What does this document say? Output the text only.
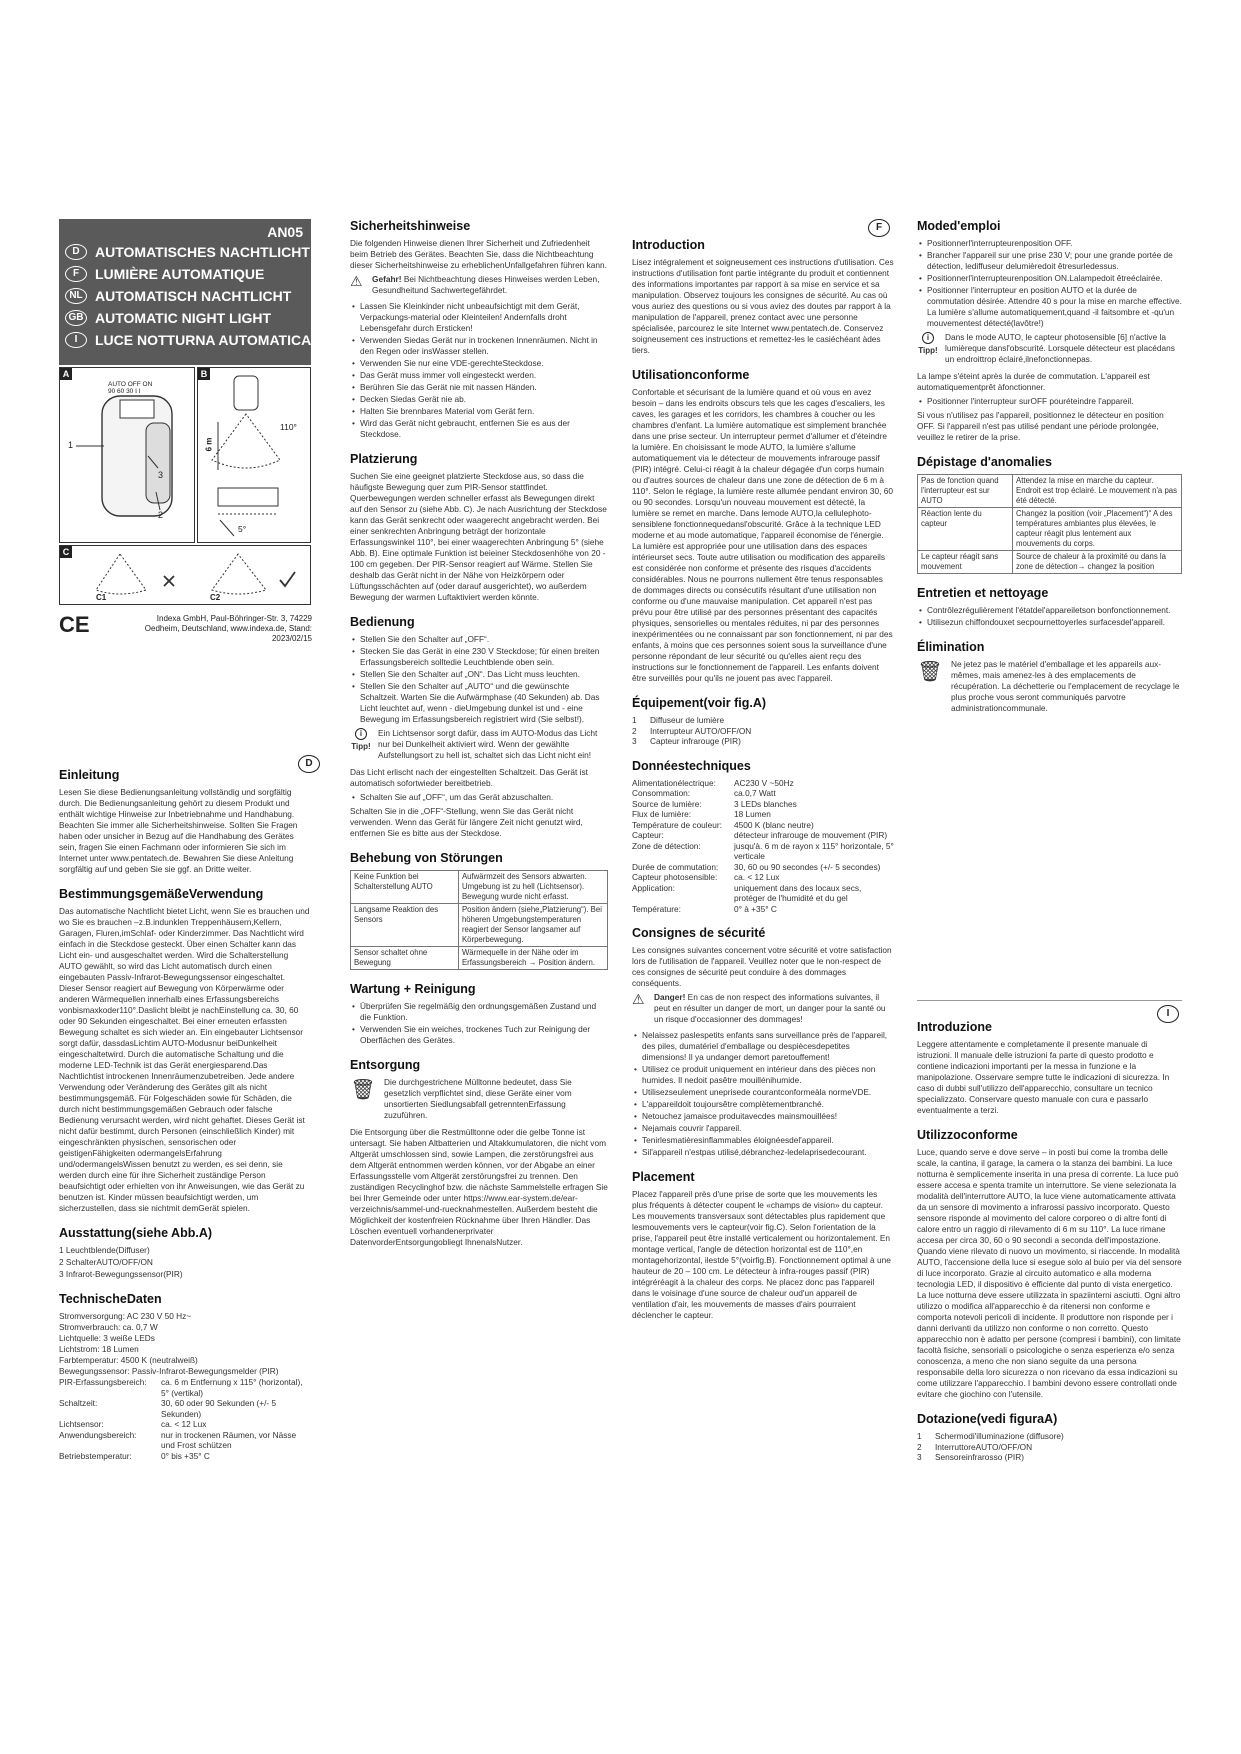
AN05
D	AUTOMATISCHES NACHTLICHT
F	LUMIÈRE AUTOMATIQUE
NL AUTOMATISCH NACHTLICHT
GB AUTOMATIC NIGHT LIGHT
I	LUCE NOTTURNA AUTOMATICA
A
AUTO OFF ON
90 60 30 I I
1
3
2
B
6 m
110°
5°
C
C1	C2
CE	Indexa GmbH, Paul-Böhringer-Str. 3, 74229 Oedheim, Deutschland, www.indexa.de, Stand: 2023/02/15
D
Einleitung

Lesen Sie diese Bedienungsanleitung vollständig und sorgfältig durch. Die Bedienungsanleitung gehört zu diesem Produkt und enthält wichtige Hinweise zur Inbetriebnahme und Handhabung. Beachten Sie immer alle Sicherheitshinweise. Sollten Sie Fragen haben oder unsicher in Bezug auf die Handhabung des Gerätes sein, fragen Sie einen Fachmann oder informieren Sie sich im Internet unter www.pentatech.de. Bewahren Sie diese Anleitung sorgfältig auf und geben Sie sie ggf. an Dritte weiter.

BestimmungsgemäßeVerwendung

Das automatische Nachtlicht bietet Licht, wenn Sie es brauchen und wo Sie es brauchen –z.B.indunklen Treppenhäusern,Kellern, Garagen, Fluren,imSchlaf- oder Kinderzimmer. Das Nachtlicht wird einfach in die Steckdose gesteckt. Über einen Schalter kann das Licht ein- und ausgeschaltet werden. Wird die Schalterstellung AUTO gewählt, so wird das Licht automatisch durch einen eingebauten Passiv-Infrarot-Bewegungssensor eingeschaltet. Dieser Sensor reagiert auf Bewegung von Körperwärme oder anderen Wärmequellen innerhalb eines Erfassungsbereichs vonbismaxkoder110°.Daslicht bleibt je nachEinstellung ca. 30, 60 oder 90 Sekunden eingeschaltet. Bei einer erneuten erfassten Bewegung schaltet es sich wieder an. Ein eingebauter Lichtsensor sorgt dafür, dassdasLichtim AUTO-Modusnur beiDunkelheit eingeschaltetwird. Durch die automatische Schaltung und die moderne LED-Technik ist das Gerät energiesparend.Das Nachtlichtist introckenen Innenräumenzubetreiben. Jede andere Verwendung oder Veränderung des Gerätes gilt als nicht bestimmungsgemäß. Für Folgeschäden sowie für Schäden, die durch nicht bestimmungsgemäßen Gebrauch oder falsche Bedienung verursacht werden, wird nicht gehaftet. Dieses Gerät ist nicht dafür bestimmt, durch Personen (einschließlich Kinder) mit eingeschränkten physischen, sensorischen oder geistigenFähigkeiten odermangelsErfahrung und/odermangelsWissen benutzt zu werden, es sei denn, sie werden durch eine für ihre Sicherheit zuständige Person beaufsichtigt oder erhielten von ihr Anweisungen, wie das Gerät zu benutzen ist. Kinder müssen beaufsichtigt werden, um sicherzustellen, dass sie nichtmit demGerät spielen.

Ausstattung(siehe Abb.A)
1 Leuchtblende(Diffuser)
2 SchalterAUTO/OFF/ON
3 Infrarot-Bewegungssensor(PIR)
TechnischeDaten
Stromversorgung: AC 230 V 50 Hz~
Stromverbrauch: ca. 0,7 W
Lichtquelle: 3 weiße LEDs
Lichtstrom: 18 Lumen
Farbtemperatur: 4500 K (neutralweiß)
Bewegungssensor: Passiv-Infrarot-Bewegungsmelder (PIR)
PIR-Erfassungsbereich:	ca. 6 m Entfernung x 115° (horizontal), 5° (vertikal)
Schaltzeit:	30, 60 oder 90 Sekunden (+/- 5 Sekunden)
Lichtsensor:	ca. < 12 Lux
Anwendungsbereich:	nur in trockenen Räumen, vor Nässe und Frost schützen
Betriebstemperatur:	0° bis +35° C
Sicherheitshinweise

Die folgenden Hinweise dienen Ihrer Sicherheit und Zufriedenheit beim Betrieb des Gerätes. Beachten Sie, dass die Nichtbeachtung dieser Sicherheitshinweise zu erheblichenUnfallgefahren führen kann.

⚠	Gefahr! Bei Nichtbeachtung dieses Hinweises werden Leben, Gesundheitund Sachwertegefährdet.
• Lassen Sie Kleinkinder nicht unbeaufsichtigt mit dem Gerät, Verpackungs-material oder Kleinteilen! Andernfalls droht Lebensgefahr durch Ersticken!
• Verwenden Siedas Gerät nur in trockenen Innenräumen. Nicht in den Regen oder insWasser stellen.
• Verwenden Sie nur eine VDE-gerechteSteckdose.
• Das Gerät muss immer voll eingesteckt werden.
• Berühren Sie das Gerät nie mit nassen Händen.
• Decken Siedas Gerät nie ab.
• Halten Sie brennbares Material vom Gerät fern.
• Wird das Gerät nicht gebraucht, entfernen Sie es aus der Steckdose.
Platzierung

Suchen Sie eine geeignet platzierte Steckdose aus, so dass die häufigste Bewegung quer zum PIR-Sensor stattfindet. Querbewegungen werden schneller erfasst als Bewegungen direkt auf den Sensor zu (siehe Abb. C). Je nach Ausrichtung der Steckdose kann das Gerät senkrecht oder waagerecht angebracht werden. Bei einer senkrechten Anbringung beträgt der horizontale Erfassungswinkel 110°, bei einer waagerechten Anbringung 5° (siehe Abb. B). Eine optimale Funktion ist beieiner Steckdosenhöhe von 20 - 100 cm gegeben. Der PIR-Sensor reagiert auf Wärme. Stellen Sie deshalb das Gerät nicht in der Nähe von Heizkörpern oder Lüftungsschächten auf (oder darauf ausgerichtet), wo außerdem Bewegung der warmen Luftaktiviert werden könnte.

Bedienung
• Stellen Sie den Schalter auf „OFF“.
• Stecken Sie das Gerät in eine 230 V Steckdose; für einen breiten Erfassungsbereich solltedie Leuchtblende oben sein.
• Stellen Sie den Schalter auf „ON“. Das Licht muss leuchten.
• Stellen Sie den Schalter auf „AUTO“ und die gewünschte Schaltzeit. Warten Sie die Aufwärmphase (40 Sekunden) ab. Das Licht leuchtet auf, wenn - dieUmgebung dunkel ist und - eine Bewegung im Erfassungsbereich registriert wird (Sie selbst!).
i
Tipp!
Ein Lichtsensor sorgt dafür, dass im AUTO-Modus das Licht nur bei Dunkelheit aktiviert wird. Wenn der gewählte Aufstellungsort zu hell ist, schaltet sich das Licht nicht ein!

Das Licht erlischt nach der eingestellten Schaltzeit. Das Gerät ist automatisch sofortwieder bereitbetrieb.

• Schalten Sie auf „OFF“, um das Gerät abzuschalten.

Schalten Sie in die „OFF“-Stellung, wenn Sie das Gerät nicht verwenden. Wenn das Gerät für längere Zeit nicht genutzt wird, entfernen Sie es bitte aus der Steckdose.

Behebung von Störungen
Keine Funktion bei Schalterstellung AUTO	Aufwärmzeit des Sensors abwarten. Umgebung ist zu hell (Lichtsensor). Bewegung wurde nicht erfasst.
Langsame Reaktion des Sensors	Position ändern (siehe„Platzierung“). Bei höheren Umgebungstemperaturen reagiert der Sensor langsamer auf Körperbewegung.
Sensor schaltet ohne Bewegung	Wärmequelle in der Nähe oder im Erfassungsbereich → Position ändern.
Wartung + Reinigung
• Überprüfen Sie regelmäßig den ordnungsgemäßen Zustand und die Funktion.
• Verwenden Sie ein weiches, trockenes Tuch zur Reinigung der Oberflächen des Gerätes.
Entsorgung
🗑 Die durchgestrichene Mülltonne bedeutet, dass Sie gesetzlich verpflichtet sind, diese Geräte einer vom unsortierten Siedlungsabfall getrenntenErfassung zuzuführen.

Die Entsorgung über die Restmülltonne oder die gelbe Tonne ist untersagt. Sie haben Altbatterien und Altakkumulatoren, die nicht vom Altgerät umschlossen sind, sowie Lampen, die zerstörungsfrei aus dem Altgerät entnommen werden können, vor der Abgabe an einer Erfassungsstelle vom Altgerät zerstörungsfrei zu trennen. Den zuständigen Recyclinghof bzw. die nächste Sammelstelle erfragen Sie bei Ihrer Gemeinde oder unter https://www.ear-system.de/ear-verzeichnis/sammel-und-ruecknahmestellen. Außerdem besteht die Möglichkeit der kostenfreien Rücknahme über Ihren Händler. Das Löschen eventuell vorhandenerprivater DatenvorderEntsorgungobliegt IhnenalsNutzer.

F
Introduction

Lisez intégralement et soigneusement ces instructions d'utilisation. Ces instructions d'utilisation font partie intégrante du produit et contiennent des informations importantes par rapport à sa mise en service et sa manipulation. Observez toujours les consignes de sécurité. Au cas où vous auriez des questions ou si vous aviez des doutes par rapport à la manipulation de l'appareil, prenez contact avec une personne spécialisée, parcourez le site Internet www.pentatech.de. Conservez soigneusement ces instructions et remettez-les le casiéchéant àdes tiers.

Utilisationconforme

Confortable et sécurisant de la lumière quand et où vous en avez besoin – dans les endroits obscurs tels que les cages d'escaliers, les caves, les garages et les corridors, les chambres à coucher ou les chambres d'enfant. La lumière automatique est simplement branchée dans une prise secteur. Un interrupteur permet d'allumer et d'éteindre la lumière. En choisissant le mode AUTO, la lumière s'allume automatiquement via le détecteur de mouvements infrarouge passif (PIR) intégré. Celui-ci réagit à la chaleur dégagée d'un corps humain ou d'autres sources de chaleur dans une zone de détection de 6 m à 110°. Selon le réglage, la lumière reste allumée pendant environ 30, 60 ou 90 secondes. Lorsqu'un nouveau mouvement est détecté, la lumière se remet en marche. Dans lemode AUTO,la cellulephoto-sensiblene fonctionnequedansl'obscurité. Grâce à la technique LED moderne et au mode automatique, l'appareil économise de l'énergie. La lumière est appropriée pour une utilisation dans des espaces intérieurset secs. Toute autre utilisation ou modification des appareils est considérée non conforme et présente des risques d'accidents considérables. Nous ne pourrons nullement être tenus responsables de dommages directs ou consécutifs résultant d'une utilisation non conforme ou d'une mauvaise manipulation. Cet appareil n'est pas prévu pour être utilisé par des personnes présentant des capacités physiques, sensorielles ou mentales réduites, ni par des personnes inexpérimentées ou ne connaissant par son fonctionnement, ni par des enfants, à moins que ces personnes soient sous la surveillance d'une personne répondant de leur sécurité ou qu'elles aient reçu des instructions sur le fonctionnement de l'appareil. Les enfants doivent être surveillés pour qu'ils ne jouent pas avec l'appareil.

Équipement(voir fig.A)
1	Diffuseur de lumière
2	Interrupteur AUTO/OFF/ON
3	Capteur infrarouge (PIR)
Donnéestechniques
Alimentationélectrique:	AC230 V ~50Hz
Consommation:	ca.0,7 Watt
Source de lumière:	3 LEDs blanches
Flux de lumière:	18 Lumen
Température de couleur:	4500 K (blanc neutre)
Capteur:	détecteur infrarouge de mouvement (PIR)
Zone de détection:	jusqu'à. 6 m de rayon x 115° horizontale, 5° verticale
Durée de commutation:	30, 60 ou 90 secondes (+/- 5 secondes)
Capteur photosensible:	ca. < 12 Lux
Application:	uniquement dans des locaux secs, protéger de l'humidité et du gel
Température:	0° à +35° C
Consignes de sécurité

Les consignes suivantes concernent votre sécurité et votre satisfaction lors de l'utilisation de l'appareil. Veuillez noter que le non-respect de ces consignes de sécurité peut conduire à des dommages conséquents.

⚠	Danger! En cas de non respect des informations suivantes, il peut en résulter un danger de mort, un danger pour la santé ou un risque d'occasionner des dommages!
• Nelaissez paslespetits enfants sans surveillance près de l'appareil, des piles, dumatériel d'emballage ou despiècesdepetites dimensions! Il ya undanger demort paretouffement!
• Utilisez ce produit uniquement en intérieur dans des pièces non humides. Il nedoit pasêtre mouillénihumide.
• Utilisezseulement uneprisede courantconformeàla normeVDE.
• L'appareildoit toujoursêtre complètementbranché.
• Netouchez jamaisce produitavecdes mainsmouillées!
• Nejamais couvrir l'appareil.
• Tenirlesmatièresinflammables éloignéesdel'appareil.
• Sil'appareil n'estpas utilisé,débranchez-ledelaprisedecourant.
Placement

Placez l'appareil près d'une prise de sorte que les mouvements les plus fréquents à détecter coupent le «champs de vision» du capteur. Les mouvements transversaux sont détectables plus rapidement que lesmouvements vers le capteur(voir fig.C). Selon l'orientation de la prise, l'appareil peut être installé verticalement ou horizontalement. En montage vertical, l'angle de détection horizontal est de 110°,en montagehorizontal, ilestde 5°(voirfig.B). Fonctionnement optimal à une hauteur de 20 – 100 cm. Le détecteur à infra-rouges passif (PIR) intégréréagit à la chaleur des corps. Ne placez donc pas l'appareil dans le voisinage d'une source de chaleur oud'un appareil de ventilation d'air, les mouvements de masses d'airs pourraient déclencher le capteur.

Moded'emploi
• Positionnerl'interrupteurenposition OFF.
• Brancher l'appareil sur une prise 230 V; pour une grande portée de détection, lediffuseur delumièredoit êtresurledessus.
• Positionnerl'interrupteurenposition ON.Lalampedoit êtreéclairée.
• Positionner l'interrupteur en position AUTO et la durée de commutation désirée. Attendre 40 s pour la mise en marche effective. La lumière s'allume automatiquement,quand -il faitsombre et -qu'un mouvementest détecté(lavôtre!)
i
Tipp!
Dans le mode AUTO, le capteur photosensible [6] n'active la lumièreque dansl'obscurité. Lorsquele détecteur est placédans un endroittrop éclairé,ilnefonctionnepas.

La lampe s'éteint après la durée de commutation. L'appareil est automatiquementprêt àfonctionner.

• Positionner l'interrupteur surOFF pouréteindre l'appareil.

Si vous n'utilisez pas l'appareil, positionnez le détecteur en position OFF. Si l'appareil n'est pas utilisé pendant une période prolongée, veuillez le retirer de la prise.

Dépistage d'anomalies
Pas de fonction quand l'interrupteur est sur AUTO	Attendez la mise en marche du capteur. Endroit est trop éclairé. Le mouvement n'a pas été détecté.
Réaction lente du capteur	Changez la position (voir „Placement“)“ A des températures ambiantes plus élevées, le capteur réagit plus lentement aux mouvements du corps.
Le capteur réagit sans mouvement	Source de chaleur à la proximité ou dans la zone de détection→ changez la position
Entretien et nettoyage
• Contrôlezrégulièrement l'étatdel'appareiletson bonfonctionnement.
• Utilisezun chiffondouxet secpournettoyerles surfacesdel'appareil.
Élimination
🗑 Ne jetez pas le matériel d'emballage et les appareils aux-mêmes, mais amenez-les à des emplacements de récupération. La déchetterie ou l'emplacement de recyclage le plus proche vous seront communiqués parvotre administrationcommunale.
I
Introduzione

Leggere attentamente e completamente il presente manuale di istruzioni. Il manuale delle istruzioni fa parte di questo prodotto e contiene indicazioni importanti per la messa in funzione e la manipolazione. Osservare sempre tutte le indicazioni di sicurezza. In caso di dubbi sull'utilizzo dell'apparecchio, consultare un tecnico specializzato. Conservare questo manuale con cura e passarlo eventualmente a terzi.

Utilizzoconforme

Luce, quando serve e dove serve – in posti bui come la tromba delle scale, la cantina, il garage, la camera o la stanza dei bambini. La luce notturna è semplicemente inserita in una presa di corrente. La luce può essere accesa e spenta tramite un interruttore. Se viene selezionata la modalità dell'interruttore AUTO, la luce viene automaticamente attivata da un sensore di movimento a infrarossi passivo incorporato. Questo sensore risponde al movimento del calore corporeo o di altre fonti di calore entro un raggio di rilevamento di 6 m su 110°. La luce rimane accesa per circa 30, 60 o 90 secondi a seconda dell'impostazione. Quando viene rilevato di nuovo un movimento, si riaccende. In modalità AUTO, l'accensione della luce si esegue solo al buio per via del sensore di luce incorporato. Grazie al circuito automatico e alla moderna tecnologia LED, il dispositivo è efficiente dal punto di vista energetico. La luce notturna deve essere utilizzata in spaziinterni asciutti. Ogni altro utilizzo o modifica all'apparecchio è da ritenersi non conforme e comporta notevoli pericoli di incidente. Il produttore non risponde per i danni derivanti da utilizzo non conforme o non corretto. Questo apparecchio non è adatto per persone (compresi i bambini), con limitate facoltà fisiche, sensoriali o psicologiche o senza esperienza e/o senza conoscenza, a meno che non siano seguite da una persona responsabile della loro sicurezza o non ricevano da essa indicazioni su come utilizzare l'apparecchio. I bambini devono essere controllati onde evitare che giochino con l'utensile.

Dotazione(vedi figuraA)
1	Schermodi'illuminazione (diffusore)
2	InterruttoreAUTO/OFF/ON
3	Sensoreinfrarosso (PIR)
